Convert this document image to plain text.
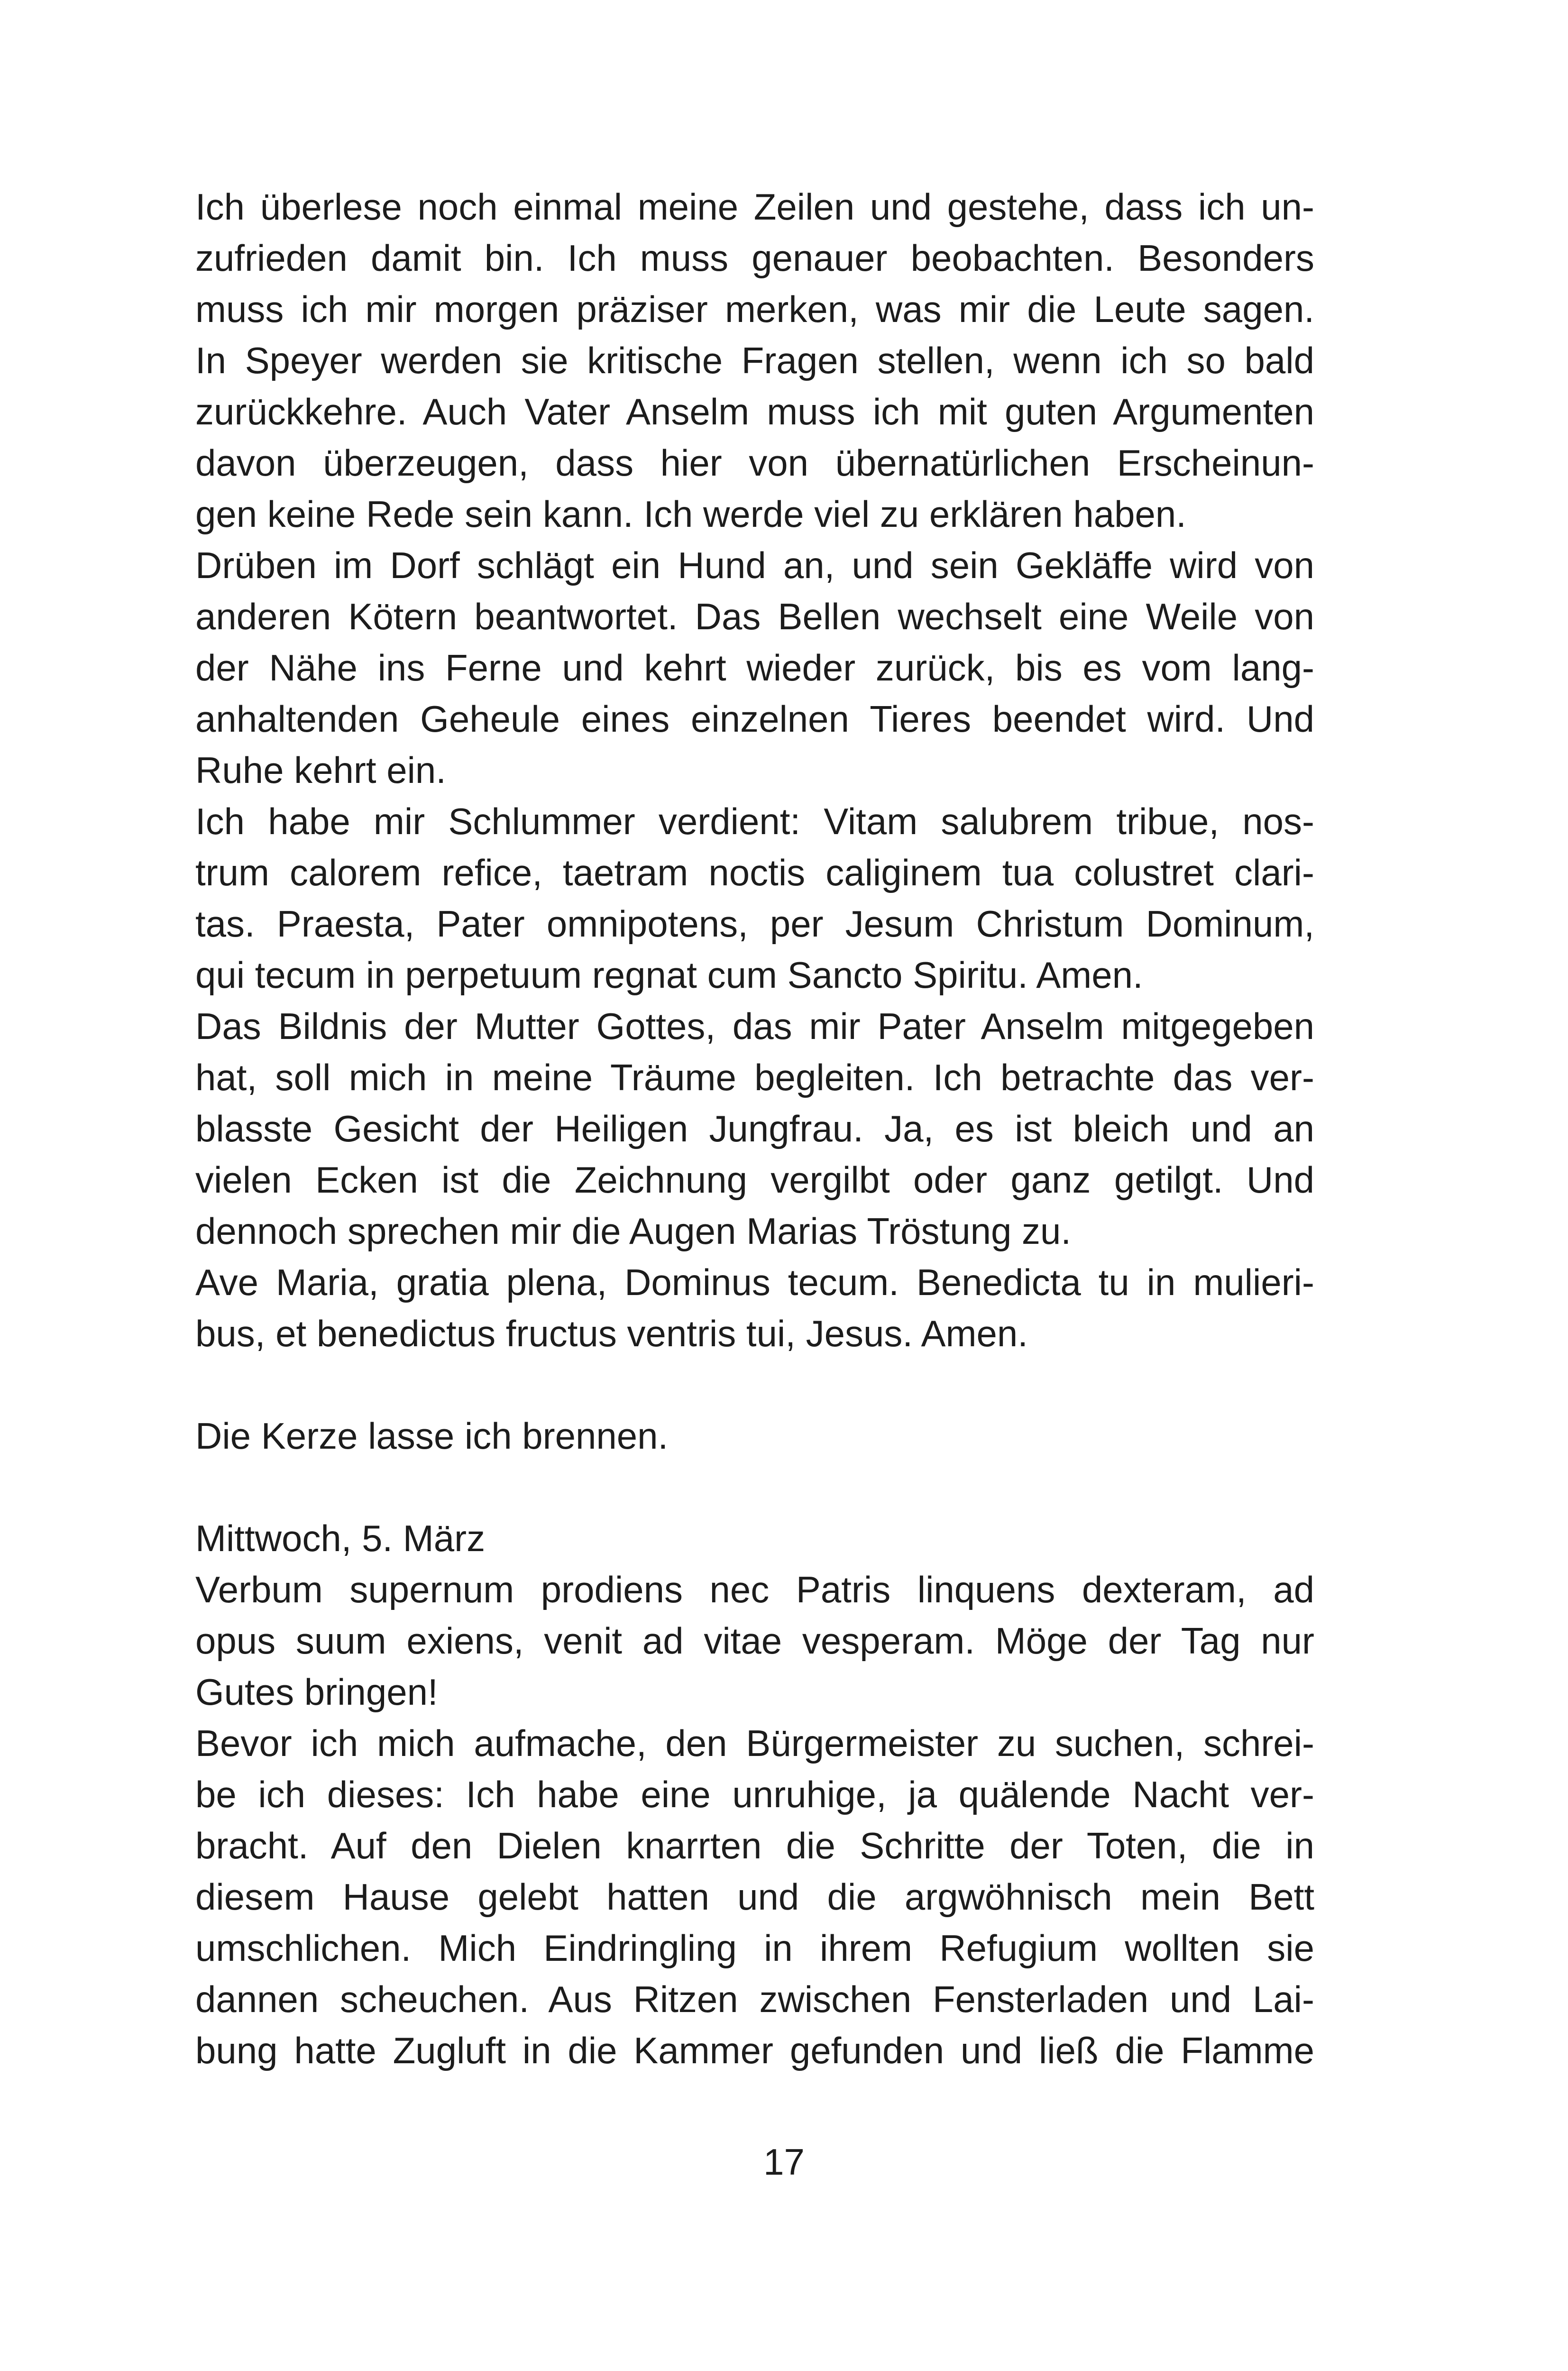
Ich überlese noch einmal meine Zeilen und gestehe, dass ich un-
zufrieden damit bin. Ich muss genauer beobachten. Besonders
muss ich mir morgen präziser merken, was mir die Leute sagen.
In Speyer werden sie kritische Fragen stellen, wenn ich so bald
zurückkehre. Auch Vater Anselm muss ich mit guten Argumenten
davon überzeugen, dass hier von übernatürlichen Erscheinun-
gen keine Rede sein kann. Ich werde viel zu erklären haben.
Drüben im Dorf schlägt ein Hund an, und sein Gekläffe wird von
anderen Kötern beantwortet. Das Bellen wechselt eine Weile von
der Nähe ins Ferne und kehrt wieder zurück, bis es vom lang-
anhaltenden Geheule eines einzelnen Tieres beendet wird. Und
Ruhe kehrt ein.
Ich habe mir Schlummer verdient: Vitam salubrem tribue, nos-
trum calorem refice, taetram noctis caliginem tua colustret clari-
tas. Praesta, Pater omnipotens, per Jesum Christum Dominum,
qui tecum in perpetuum regnat cum Sancto Spiritu. Amen.
Das Bildnis der Mutter Gottes, das mir Pater Anselm mitgegeben
hat, soll mich in meine Träume begleiten. Ich betrachte das ver-
blasste Gesicht der Heiligen Jungfrau. Ja, es ist bleich und an
vielen Ecken ist die Zeichnung vergilbt oder ganz getilgt. Und
dennoch sprechen mir die Augen Marias Tröstung zu.
Ave Maria, gratia plena, Dominus tecum. Benedicta tu in mulieri-
bus, et benedictus fructus ventris tui, Jesus. Amen.
Die Kerze lasse ich brennen.
Mittwoch, 5. März
Verbum supernum prodiens nec Patris linquens dexteram, ad
opus suum exiens, venit ad vitae vesperam. Möge der Tag nur
Gutes bringen!
Bevor ich mich aufmache, den Bürgermeister zu suchen, schrei-
be ich dieses: Ich habe eine unruhige, ja quälende Nacht ver-
bracht. Auf den Dielen knarrten die Schritte der Toten, die in
diesem Hause gelebt hatten und die argwöhnisch mein Bett
umschlichen. Mich Eindringling in ihrem Refugium wollten sie
dannen scheuchen. Aus Ritzen zwischen Fensterladen und Lai-
bung hatte Zugluft in die Kammer gefunden und ließ die Flamme
17
